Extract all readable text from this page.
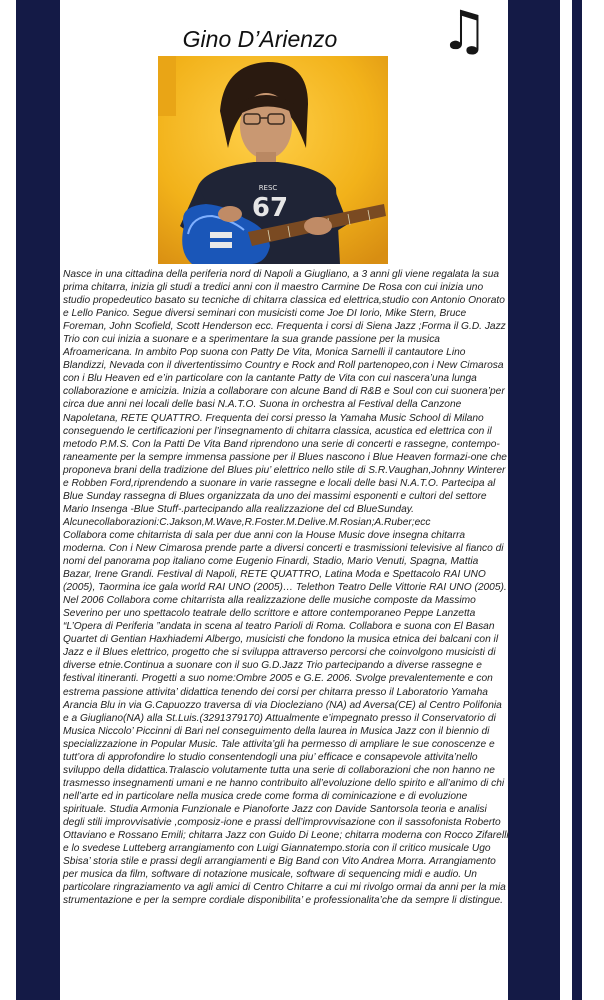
Gino D’Arienzo	♫
RESC
67

Nasce in una cittadina della periferia nord di Napoli a Giugliano, a 3 anni gli viene regalata la sua prima chitarra, inizia gli studi a tredici anni con il maestro Carmine De Rosa con cui inizia uno studio propedeutico basato su tecniche di chitarra classica ed elettrica,studio con Antonio Onorato e Lello Panico. Segue diversi seminari con musicisti come Joe DI Iorio, Mike Stern, Bruce Foreman, John Scofield, Scott Henderson ecc. Frequenta i corsi di Siena Jazz ;Forma il G.D. Jazz Trio con cui inizia a suonare e a sperimentare la sua grande passione per la musica Afroamericana. In ambito Pop suona con Patty De Vita, Monica Sarnelli il cantautore Lino Blandizzi, Nevada con il divertentissimo Country e Rock and Roll partenopeo,con i New Cimarosa con i Blu Heaven ed e’in particolare con la cantante Patty de Vita con cui nascera’una lunga collaborazione e amicizia. Inizia a collaborare con alcune Band di R&B e Soul con cui suonera’per circa due anni nei locali delle basi N.A.T.O. Suona in orchestra al Festival della Canzone Napoletana, RETE QUATTRO. Frequenta dei corsi presso la Yamaha Music School di Milano conseguendo le certificazioni per l’insegnamento di chitarra classica, acustica ed elettrica con il metodo P.M.S. Con la Patti De Vita Band riprendono una serie di concerti e rassegne, contempo-raneamente per la sempre immensa passione per il Blues nascono i Blue Heaven formazi-one che proponeva brani della tradizione del Blues piu’ elettrico nello stile di S.R.Vaughan,Johnny Winterer e Robben Ford,riprendendo a suonare in varie rassegne e locali delle basi N.A.T.O. Partecipa al Blue Sunday rassegna di Blues organizzata da uno dei massimi esponenti e cultori del settore Mario Insenga -Blue Stuff-.partecipando alla realizzazione del cd BlueSunday.
Alcunecollaborazioni:C.Jakson,M.Wave,R.Foster.M.Delive.M.Rosian;A.Ruber;ecc
Collabora come chitarrista di sala per due anni con la House Music dove insegna chitarra moderna. Con i New Cimarosa prende parte a diversi concerti e trasmissioni televisive al fianco di nomi del panorama pop italiano come Eugenio Finardi, Stadio, Mario Venuti, Spagna, Mattia Bazar, Irene Grandi. Festival di Napoli, RETE QUATTRO, Latina Moda e Spettacolo RAI UNO (2005), Taormina ice gala world RAI UNO (2005)… Telethon Teatro Delle Vittorie RAI UNO (2005). Nel 2006 Collabora come chitarrista alla realizzazione delle musiche composte da Massimo Severino per uno spettacolo teatrale dello scrittore e attore contemporaneo Peppe Lanzetta “L’Opera di Periferia ”andata in scena al teatro Parioli di Roma. Collabora e suona con El Basan Quartet di Gentian Haxhiademi Albergo, musicisti che fondono la musica etnica dei balcani con il Jazz e il Blues elettrico, progetto che si sviluppa attraverso percorsi che coinvolgono musicisti di diverse etnie.Continua a suonare con il suo G.D.Jazz Trio partecipando a diverse rassegne e festival itineranti. Progetti a suo nome:Ombre 2005 e G.E. 2006. Svolge prevalentemente e con estrema passione attivita’ didattica tenendo dei corsi per chitarra presso il Laboratorio Yamaha Arancia Blu in via G.Capuozzo traversa di via Diocleziano (NA) ad Aversa(CE) al Centro Polifonia e a Giugliano(NA) alla St.Luis.(3291379170) Attualmente e’impegnato presso il Conservatorio di Musica Niccolo’ Piccinni di Bari nel conseguimento della laurea in Musica Jazz con il biennio di specializzazione in Popular Music. Tale attivita’gli ha permesso di ampliare le sue conoscenze e tutt’ora di approfondire lo studio consentendogli una piu’ efficace e consapevole attivita’nello sviluppo della didattica.Tralascio volutamente tutta una serie di collaborazioni che non hanno ne trasmesso insegnamenti umani e ne hanno contribuito all’evoluzione dello spirito e all’animo di chi nell’arte ed in particolare nella musica crede come forma di cominicazione e di evoluzione spirituale. Studia Armonia Funzionale e Pianoforte Jazz con Davide Santorsola teoria e analisi degli stili improvvisativie ,composiz-ione e prassi dell’improvvisazione con il sassofonista Roberto Ottaviano e Rossano Emili; chitarra Jazz con Guido Di Leone; chitarra moderna con Rocco Zifarelli e lo svedese Lutteberg arrangiamento con Luigi Giannatempo.storia con il critico musicale Ugo Sbisa’ storia stile e prassi degli arrangiamenti e Big Band con Vito Andrea Morra. Arrangiamento per musica da film, software di notazione musicale, software di sequencing midi e audio. Un particolare ringraziamento va agli amici di Centro Chitarre a cui mi rivolgo ormai da anni per la mia strumentazione e per la sempre cordiale disponibilita’ e professionalita’che da sempre li distingue.
